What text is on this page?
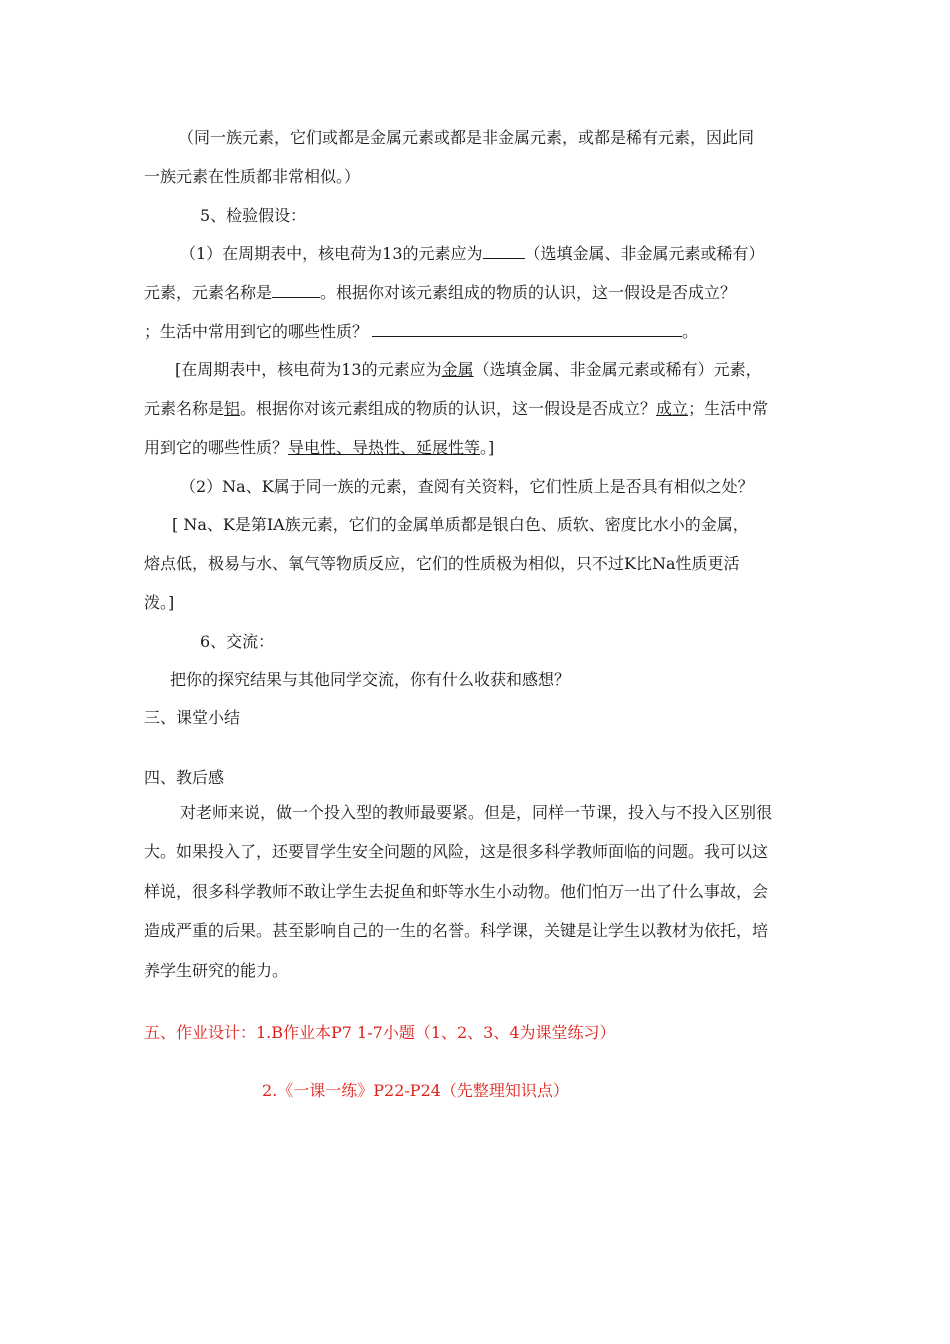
（同一族元素，它们或都是金属元素或都是非金属元素，或都是稀有元素，因此同
一族元素在性质都非常相似。）
5、检验假设：
（1）在周期表中，核电荷为13的元素应为	（选填金属、非金属元素或稀有）
元素，元素名称是	。根据你对该元素组成的物质的认识，这一假设是否成立？
；生活中常用到它的哪些性质？	。
[在周期表中，核电荷为13的元素应为金属（选填金属、非金属元素或稀有）元素，
元素名称是铝。根据你对该元素组成的物质的认识，这一假设是否成立？成立；生活中常
用到它的哪些性质？导电性、导热性、延展性等。]
（2）Na、K属于同一族的元素，查阅有关资料，它们性质上是否具有相似之处？
[ Na、K是第ⅠA族元素，它们的金属单质都是银白色、质软、密度比水小的金属，
熔点低，极易与水、氧气等物质反应，它们的性质极为相似，只不过K比Na性质更活
泼。]
6、交流：
把你的探究结果与其他同学交流，你有什么收获和感想？
三、课堂小结
四、教后感
对老师来说，做一个投入型的教师最要紧。但是，同样一节课，投入与不投入区别很
大。如果投入了，还要冒学生安全问题的风险，这是很多科学教师面临的问题。我可以这
样说，很多科学教师不敢让学生去捉鱼和虾等水生小动物。他们怕万一出了什么事故，会
造成严重的后果。甚至影响自己的一生的名誉。科学课，关键是让学生以教材为依托，培
养学生研究的能力。
五、作业设计：1.B作业本P7 1-7小题（1、2、3、4为课堂练习）
2.《一课一练》P22-P24（先整理知识点）
